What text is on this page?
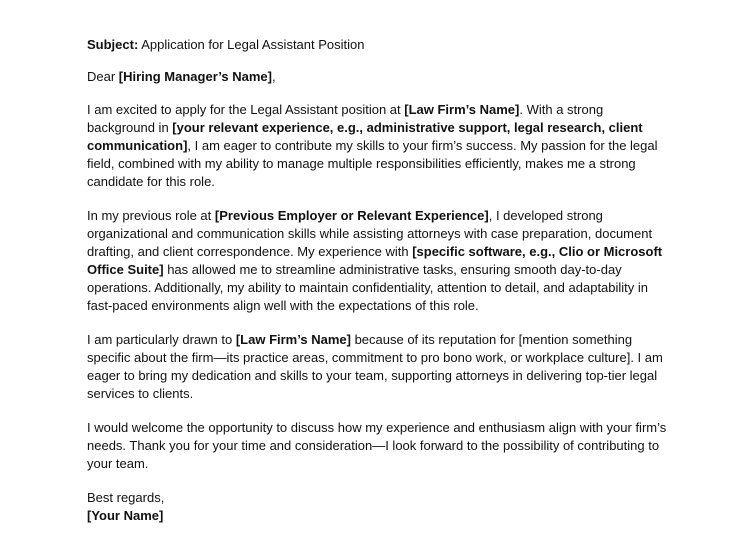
Subject: Application for Legal Assistant Position

Dear [Hiring Manager’s Name],

I am excited to apply for the Legal Assistant position at [Law Firm’s Name]. With a strong background in [your relevant experience, e.g., administrative support, legal research, client communication], I am eager to contribute my skills to your firm’s success. My passion for the legal field, combined with my ability to manage multiple responsibilities efficiently, makes me a strong candidate for this role.

In my previous role at [Previous Employer or Relevant Experience], I developed strong organizational and communication skills while assisting attorneys with case preparation, document drafting, and client correspondence. My experience with [specific software, e.g., Clio or Microsoft Office Suite] has allowed me to streamline administrative tasks, ensuring smooth day-to-day operations. Additionally, my ability to maintain confidentiality, attention to detail, and adaptability in fast-paced environments align well with the expectations of this role.

I am particularly drawn to [Law Firm’s Name] because of its reputation for [mention something specific about the firm—its practice areas, commitment to pro bono work, or workplace culture]. I am eager to bring my dedication and skills to your team, supporting attorneys in delivering top-tier legal services to clients.

I would welcome the opportunity to discuss how my experience and enthusiasm align with your firm’s needs. Thank you for your time and consideration—I look forward to the possibility of contributing to your team.

Best regards,
[Your Name]
